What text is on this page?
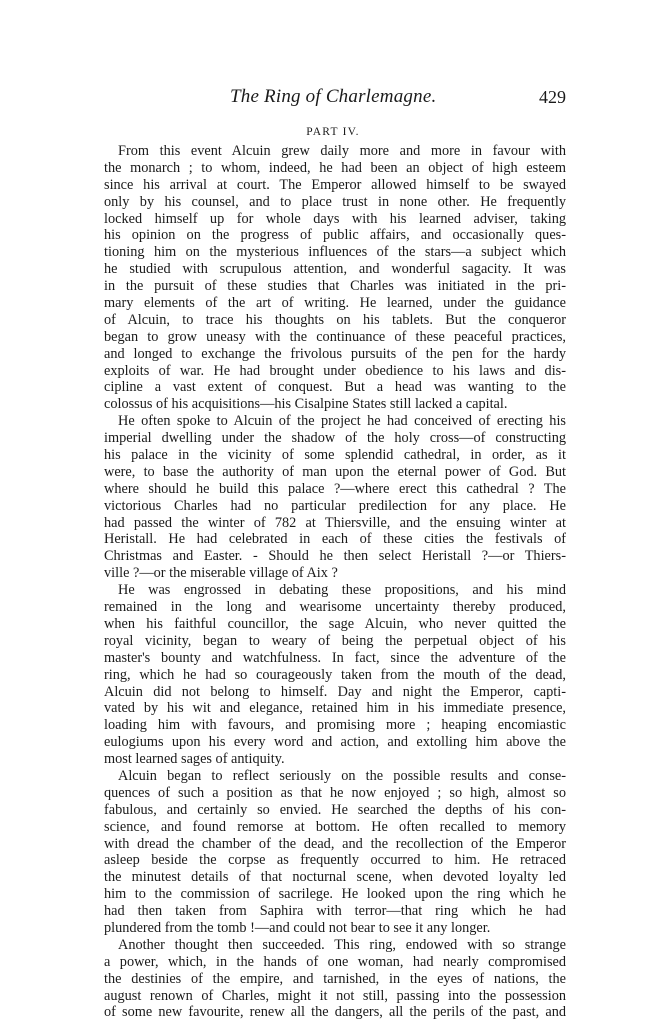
The Ring of Charlemagne.	429
PART IV.
From this event Alcuin grew daily more and more in favour with
the monarch ; to whom, indeed, he had been an object of high esteem
since his arrival at court. The Emperor allowed himself to be swayed
only by his counsel, and to place trust in none other. He frequently
locked himself up for whole days with his learned adviser, taking
his opinion on the progress of public affairs, and occasionally ques-
tioning him on the mysterious influences of the stars—a subject which
he studied with scrupulous attention, and wonderful sagacity. It was
in the pursuit of these studies that Charles was initiated in the pri-
mary elements of the art of writing. He learned, under the guidance
of Alcuin, to trace his thoughts on his tablets. But the conqueror
began to grow uneasy with the continuance of these peaceful practices,
and longed to exchange the frivolous pursuits of the pen for the hardy
exploits of war. He had brought under obedience to his laws and dis-
cipline a vast extent of conquest. But a head was wanting to the
colossus of his acquisitions—his Cisalpine States still lacked a capital.
He often spoke to Alcuin of the project he had conceived of erecting his
imperial dwelling under the shadow of the holy cross—of constructing
his palace in the vicinity of some splendid cathedral, in order, as it
were, to base the authority of man upon the eternal power of God. But
where should he build this palace ?—where erect this cathedral ? The
victorious Charles had no particular predilection for any place. He
had passed the winter of 782 at Thiersville, and the ensuing winter at
Heristall. He had celebrated in each of these cities the festivals of
Christmas and Easter. - Should he then select Heristall ?—or Thiers-
ville ?—or the miserable village of Aix ?
He was engrossed in debating these propositions, and his mind
remained in the long and wearisome uncertainty thereby produced,
when his faithful councillor, the sage Alcuin, who never quitted the
royal vicinity, began to weary of being the perpetual object of his
master's bounty and watchfulness. In fact, since the adventure of the
ring, which he had so courageously taken from the mouth of the dead,
Alcuin did not belong to himself. Day and night the Emperor, capti-
vated by his wit and elegance, retained him in his immediate presence,
loading him with favours, and promising more ; heaping encomiastic
eulogiums upon his every word and action, and extolling him above the
most learned sages of antiquity.
Alcuin began to reflect seriously on the possible results and conse-
quences of such a position as that he now enjoyed ; so high, almost so
fabulous, and certainly so envied. He searched the depths of his con-
science, and found remorse at bottom. He often recalled to memory
with dread the chamber of the dead, and the recollection of the Emperor
asleep beside the corpse as frequently occurred to him. He retraced
the minutest details of that nocturnal scene, when devoted loyalty led
him to the commission of sacrilege. He looked upon the ring which he
had then taken from Saphira with terror—that ring which he had
plundered from the tomb !—and could not bear to see it any longer.
Another thought then succeeded. This ring, endowed with so strange
a power, which, in the hands of one woman, had nearly compromised
the destinies of the empire, and tarnished, in the eyes of nations, the
august renown of Charles, might it not still, passing into the possession
of some new favourite, renew all the dangers, all the perils of the past, and
